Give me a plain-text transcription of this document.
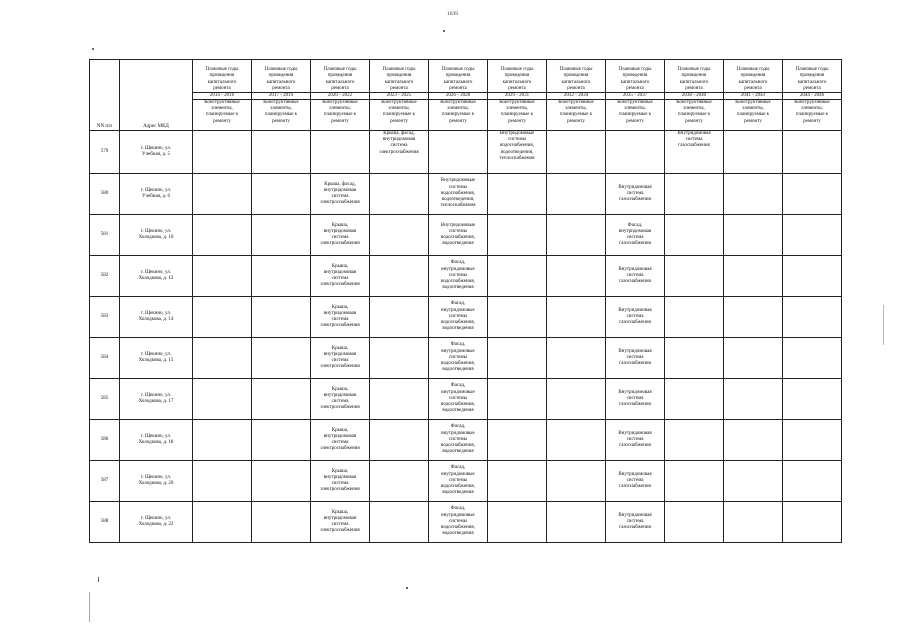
1039
NN п/п	Адрес МКД	Плановые годы
проведения
капитального
ремонта	Плановые годы
проведения
капитального
ремонта	Плановые годы
проведения
капитального
ремонта	Плановые годы
проведения
капитального
ремонта	Плановые годы
проведения
капитального
ремонта	Плановые годы
проведения
капитального
ремонта	Плановые годы
проведения
капитального
ремонта	Плановые годы
проведения
капитального
ремонта	Плановые годы
проведения
капитального
ремонта	Плановые годы
проведения
капитального
ремонта	Плановые годы
проведения
капитального
ремонта
		2014 - 2016	2017 - 2019	2020 - 2022	2023 - 2025	2026 - 2028	2029 - 2031	2032 - 2034	2035 - 2037	2038 - 2040	2041 - 2043	2044 - 2046
		Конструктивные
элементы,
планируемые к
ремонту	Конструктивные
элементы,
планируемые к
ремонту	Конструктивные
элементы,
планируемые к
ремонту	Конструктивные
элементы,
планируемые к
ремонту	Конструктивные
элементы,
планируемые к
ремонту	Конструктивные
элементы,
планируемые к
ремонту	Конструктивные
элементы,
планируемые к
ремонту	Конструктивные
элементы,
планируемые к
ремонту	Конструктивные
элементы,
планируемые к
ремонту	Конструктивные
элементы,
планируемые к
ремонту	Конструктивные
элементы,
планируемые к
ремонту
579	г. Щекино, ул.
Учебная, д. 5				Крыша, фасад,
внутридомовая
система
электроснабжения		Внутридомовые
системы
водоснабжения,
водоотведения,
теплоснабжения			Внутридомовая
система
газоснабжения		
580	г. Щекино, ул.
Учебная, д. 6			Крыша, фасад,
внутридомовая
система
электроснабжения		Внутридомовые
системы
водоснабжения,
водоотведения,
теплоснабжения			Внутридомовая
система
газоснабжения			
581	г. Щекино, ул.
Холодкова, д. 10			Крыша,
внутридомовая
система
электроснабжения		Внутридомовые
системы
водоснабжения,
водоотведения			Фасад,
внутридомовая
система
газоснабжения			
582	г. Щекино, ул.
Холодкова, д. 12			Крыша,
внутридомовая
система
электроснабжения		Фасад,
внутридомовые
системы
водоснабжения,
водоотведения			Внутридомовая
система
газоснабжения			
583	г. Щекино, ул.
Холодкова, д. 14			Крыша,
внутридомовая
система
электроснабжения		Фасад,
внутридомовые
системы
водоснабжения,
водоотведения			Внутридомовая
система
газоснабжения			
584	г. Щекино, ул.
Холодкова, д. 15			Крыша,
внутридомовая
система
электроснабжения		Фасад,
внутридомовые
системы
водоснабжения,
водоотведения			Внутридомовая
система
газоснабжения			
585	г. Щекино, ул.
Холодкова, д. 17			Крыша,
внутридомовая
система
электроснабжения		Фасад,
внутридомовые
системы
водоснабжения,
водоотведения			Внутридомовая
система
газоснабжения			
586	г. Щекино, ул.
Холодкова, д. 18			Крыша,
внутридомовая
система
электроснабжения		Фасад,
внутридомовые
системы
водоснабжения,
водоотведения			Внутридомовая
система
газоснабжения			
587	г. Щекино, ул.
Холодкова, д. 20			Крыша,
внутридомовая
система
электроснабжения		Фасад,
внутридомовые
системы
водоснабжения,
водоотведения			Внутридомовая
система
газоснабжения			
588	г. Щекино, ул.
Холодкова, д. 22			Крыша,
внутридомовая
система
электроснабжения		Фасад,
внутридомовые
системы
водоснабжения,
водоотведения			Внутридомовая
система
газоснабжения			
